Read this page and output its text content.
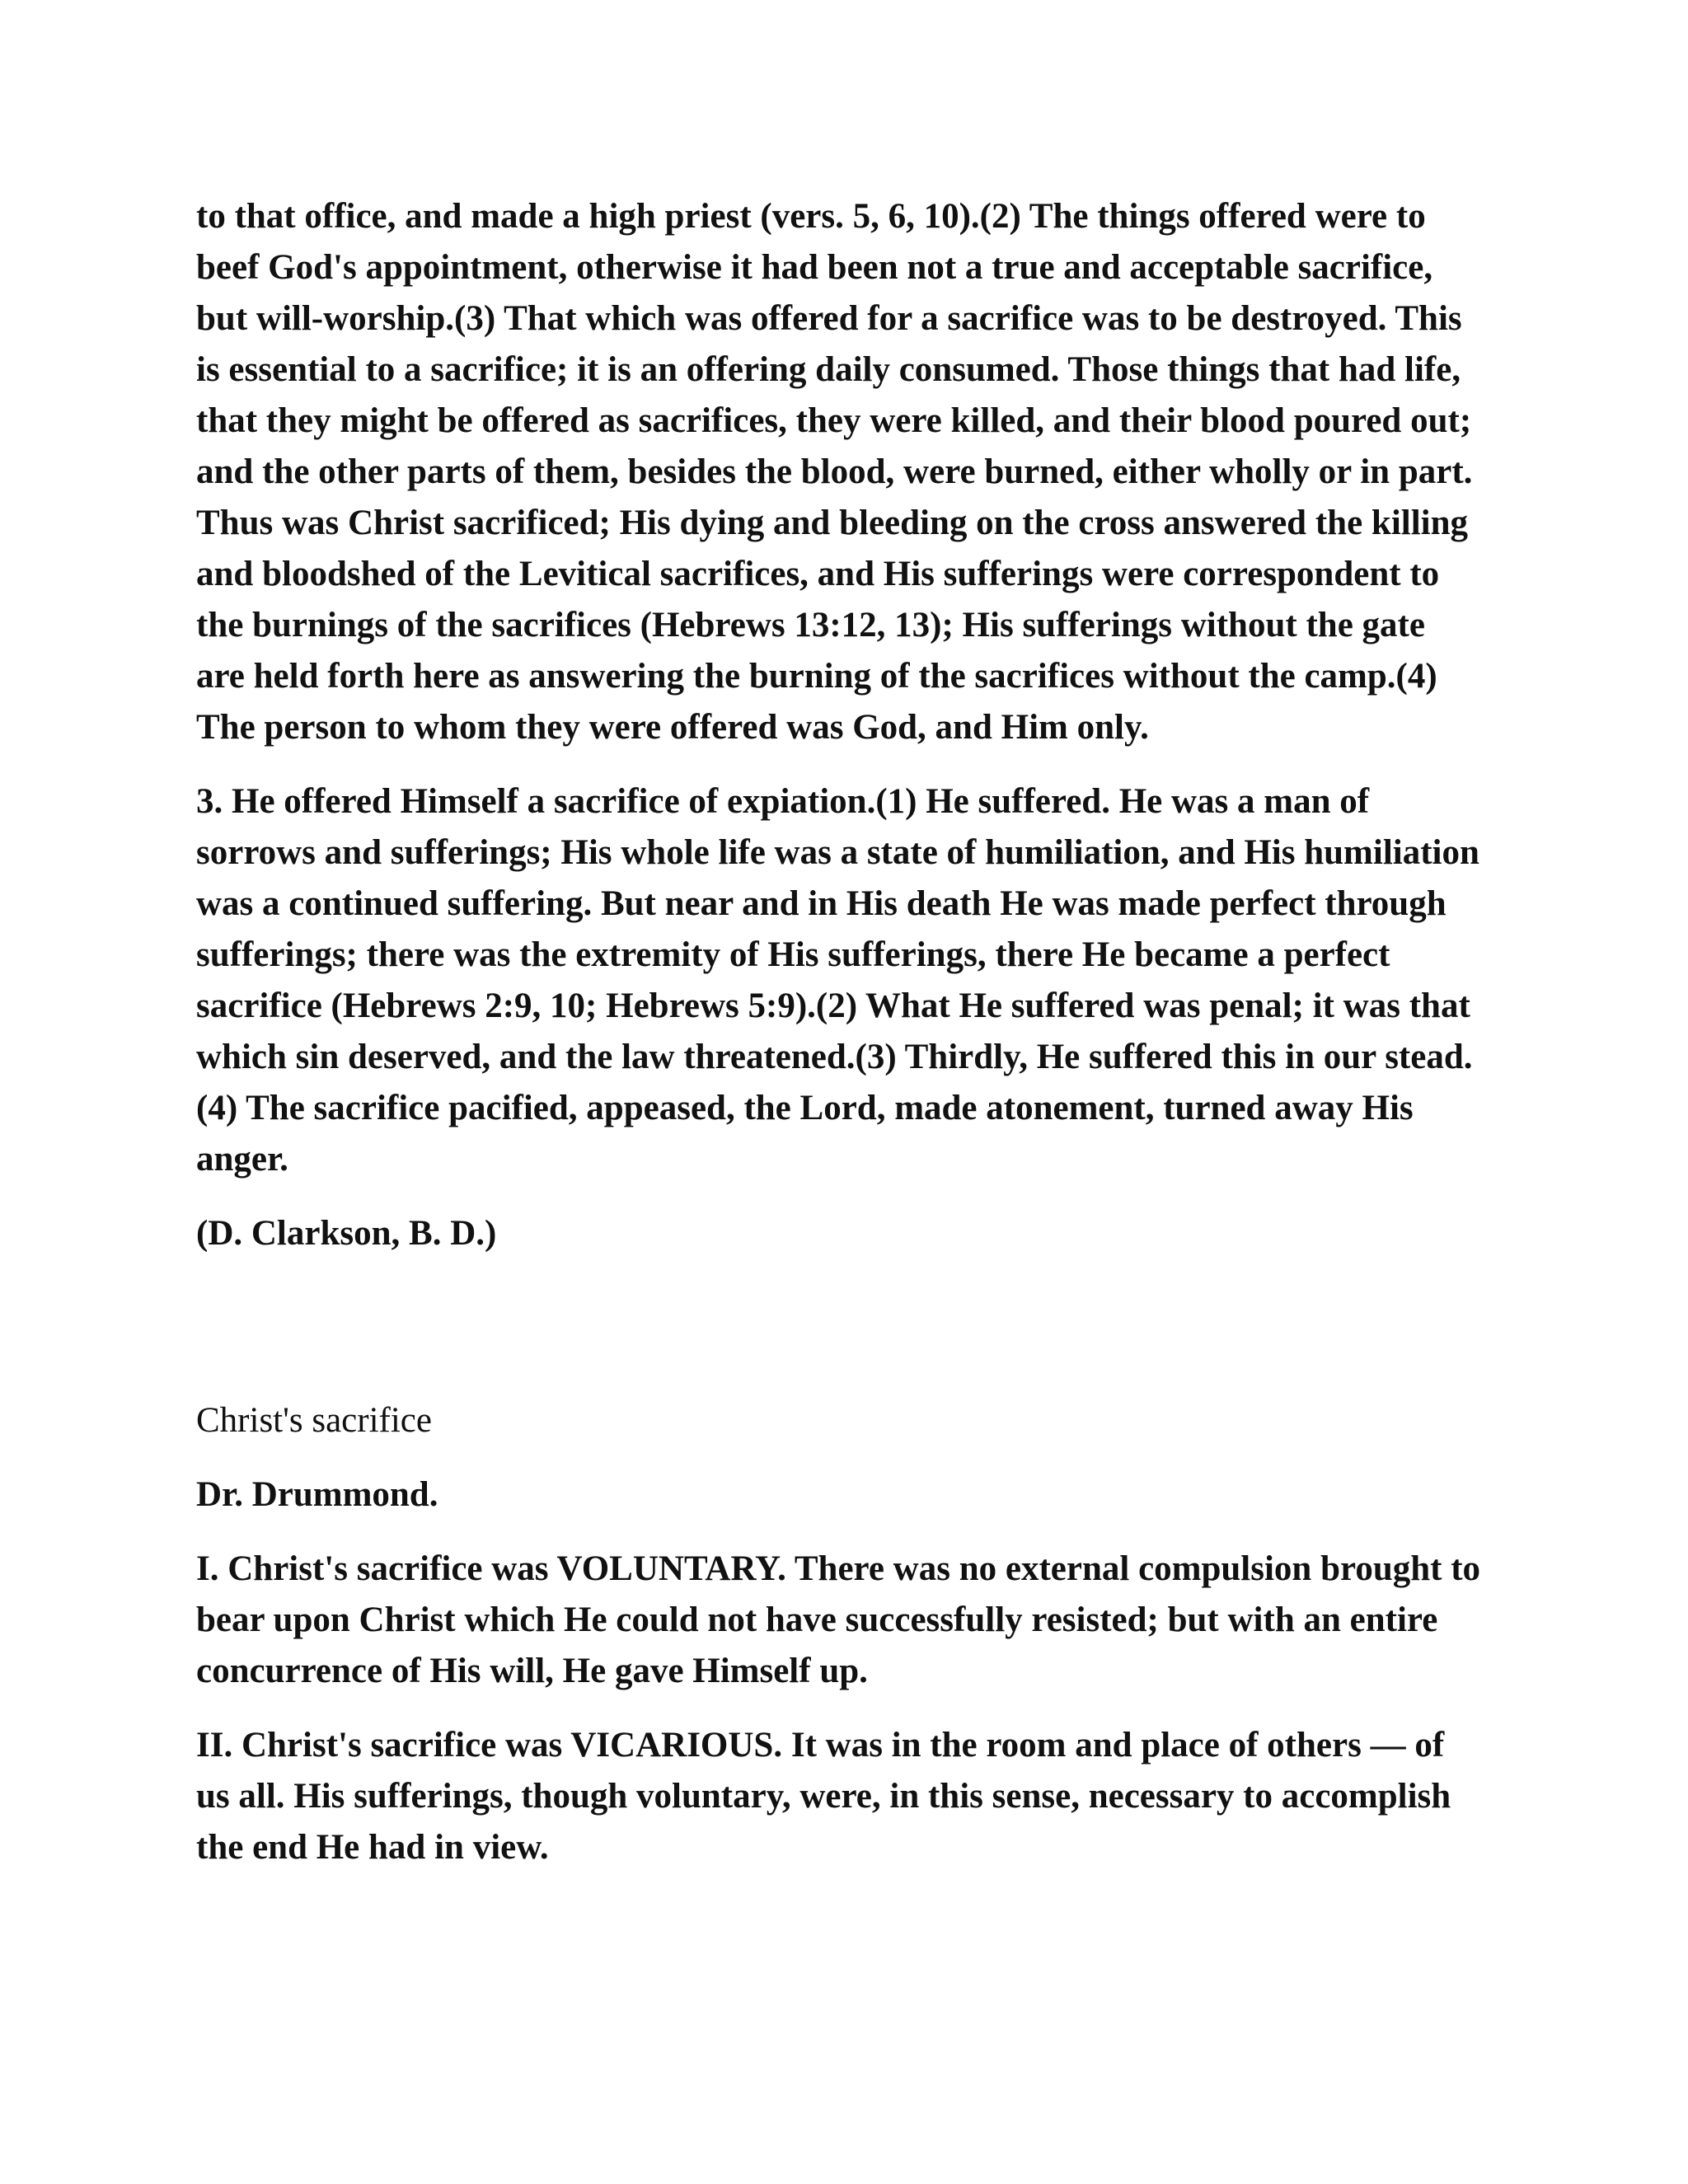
to that office, and made a high priest (vers. 5, 6, 10).(2) The things offered were to beef God's appointment, otherwise it had been not a true and acceptable sacrifice, but will-worship.(3) That which was offered for a sacrifice was to be destroyed. This is essential to a sacrifice; it is an offering daily consumed. Those things that had life, that they might be offered as sacrifices, they were killed, and their blood poured out; and the other parts of them, besides the blood, were burned, either wholly or in part. Thus was Christ sacrificed; His dying and bleeding on the cross answered the killing and bloodshed of the Levitical sacrifices, and His sufferings were correspondent to the burnings of the sacrifices (Hebrews 13:12, 13); His sufferings without the gate are held forth here as answering the burning of the sacrifices without the camp.(4) The person to whom they were offered was God, and Him only.

3. He offered Himself a sacrifice of expiation.(1) He suffered. He was a man of sorrows and sufferings; His whole life was a state of humiliation, and His humiliation was a continued suffering. But near and in His death He was made perfect through sufferings; there was the extremity of His sufferings, there He became a perfect sacrifice (Hebrews 2:9, 10; Hebrews 5:9).(2) What He suffered was penal; it was that which sin deserved, and the law threatened.(3) Thirdly, He suffered this in our stead.(4) The sacrifice pacified, appeased, the Lord, made atonement, turned away His anger.

(D. Clarkson, B. D.)

Christ's sacrifice

Dr. Drummond.

I. Christ's sacrifice was VOLUNTARY. There was no external compulsion brought to bear upon Christ which He could not have successfully resisted; but with an entire concurrence of His will, He gave Himself up.

II. Christ's sacrifice was VICARIOUS. It was in the room and place of others — of us all. His sufferings, though voluntary, were, in this sense, necessary to accomplish the end He had in view.
